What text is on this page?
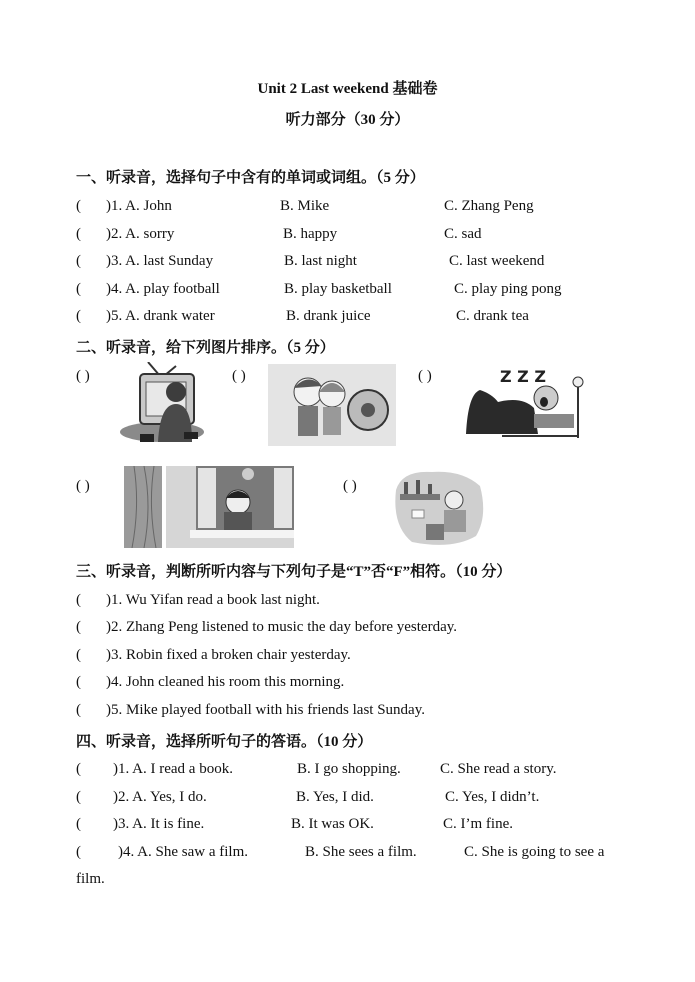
Unit 2 Last weekend 基础卷
听力部分（30 分）
一、听录音，选择句子中含有的单词或词组。（5 分）
( )1. A. John	B. Mike	C. Zhang Peng
( )2. A. sorry	B. happy	C. sad
( )3. A. last Sunday	B. last night	C. last weekend
( )4. A. play football	B. play basketball	C. play ping pong
( )5. A. drank water	B. drank juice	C. drank tea
二、听录音，给下列图片排序。（5 分）
( )	( )	( )	Z Z Z
( )	( )
三、听录音，判断所听内容与下列句子是“T”否“F”相符。（10 分）
( )1. Wu Yifan read a book last night.
( )2. Zhang Peng listened to music the day before yesterday.
( )3. Robin fixed a broken chair yesterday.
( )4. John cleaned his room this morning.
( )5. Mike played football with his friends last Sunday.
四、听录音，选择所听句子的答语。（10 分）
( )1. A. I read a book.	B. I go shopping.	C. She read a story.
( )2. A. Yes, I do.	B. Yes, I did.	C. Yes, I didn’t.
( )3. A. It is fine.	B. It was OK.	C. I’m fine.
( )4. A. She saw a film.	B. She sees a film.	C. She is going to see a
film.
